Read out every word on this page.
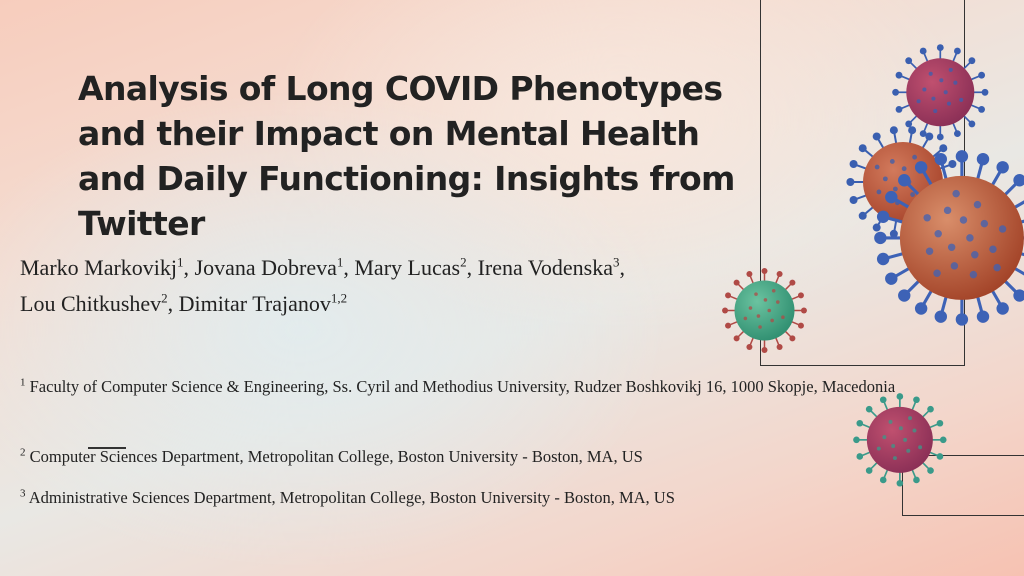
Analysis of Long COVID Phenotypes and their Impact on Mental Health and Daily Functioning: Insights from Twitter
Marko Markovikj$^1$, Jovana Dobreva$^1$, Mary Lucas$^2$, Irena Vodenska$^3$,
Lou Chitkushev$^2$, Dimitar Trajanov$^{1,2}$
$^1$ Faculty of Computer Science & Engineering, Ss. Cyril and Methodius University, Rudzer Boshkovikj 16, 1000 Skopje, Macedonia
$^2$ Computer Sciences Department, Metropolitan College, Boston University - Boston, MA, US
$^3$ Administrative Sciences Department, Metropolitan College, Boston University - Boston, MA, US
